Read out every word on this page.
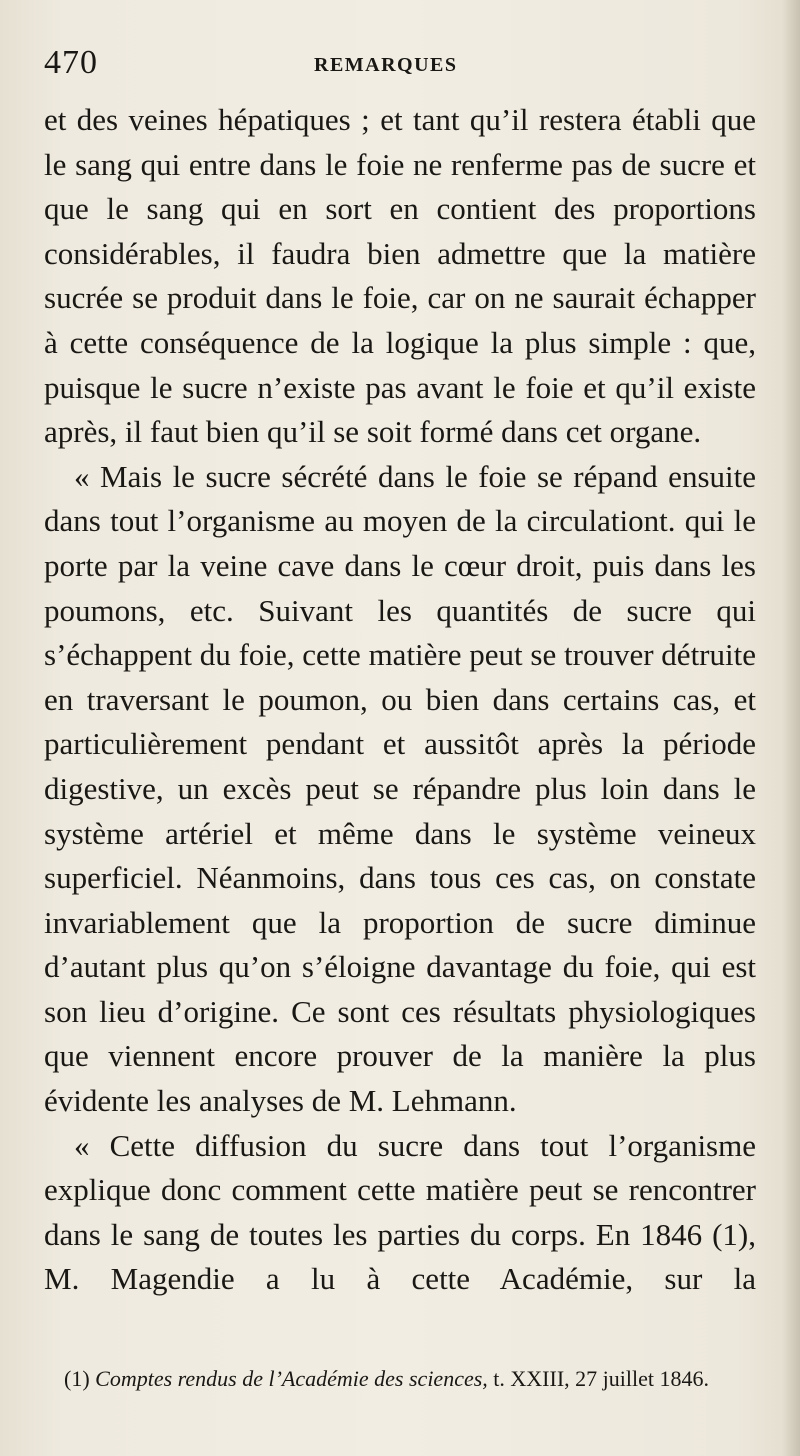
470	REMARQUES

et des veines hépatiques ; et tant qu’il restera établi que le sang qui entre dans le foie ne renferme pas de sucre et que le sang qui en sort en contient des proportions considérables, il faudra bien admettre que la matière sucrée se produit dans le foie, car on ne saurait échapper à cette conséquence de la logique la plus simple : que, puisque le sucre n’existe pas avant le foie et qu’il existe après, il faut bien qu’il se soit formé dans cet organe.

« Mais le sucre sécrété dans le foie se répand ensuite dans tout l’organisme au moyen de la circulationt. qui le porte par la veine cave dans le cœur droit, puis dans les poumons, etc. Suivant les quantités de sucre qui s’échappent du foie, cette matière peut se trouver détruite en traversant le poumon, ou bien dans certains cas, et particulièrement pendant et aussitôt après la période digestive, un excès peut se répandre plus loin dans le système artériel et même dans le système veineux superficiel. Néanmoins, dans tous ces cas, on constate invariablement que la proportion de sucre diminue d’autant plus qu’on s’éloigne davantage du foie, qui est son lieu d’origine. Ce sont ces résultats physiologiques que viennent encore prouver de la manière la plus évidente les analyses de M. Lehmann.

« Cette diffusion du sucre dans tout l’organisme explique donc comment cette matière peut se rencontrer dans le sang de toutes les parties du corps. En 1846 (1), M. Magendie a lu à cette Académie, sur la

(1) Comptes rendus de l’Académie des sciences, t. XXIII, 27 juillet 1846.
